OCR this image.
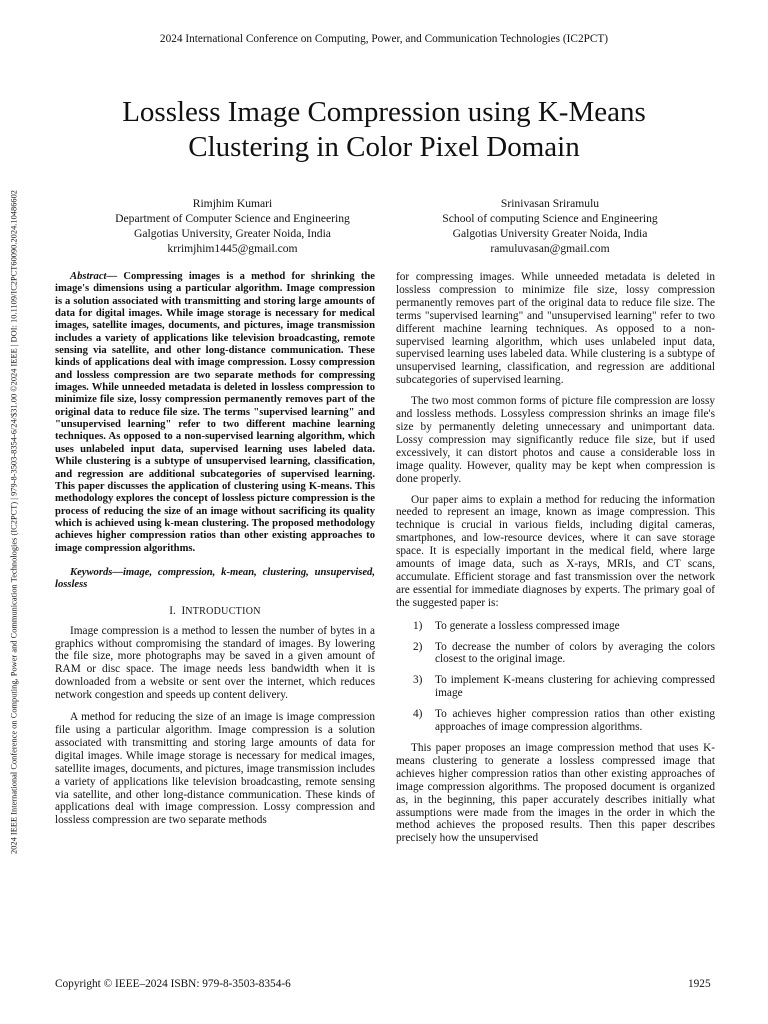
2024 International Conference on Computing, Power, and Communication Technologies (IC2PCT)
2024 IEEE International Conference on Computing, Power and Communication Technologies (IC2PCT) | 979-8-3503-8354-6/24/$31.00 ©2024 IEEE | DOI: 10.1109/IC2PCT60090.2024.10486602
Lossless Image Compression using K-Means
Clustering in Color Pixel Domain
Rimjhim Kumari
Department of Computer Science and Engineering
Galgotias University, Greater Noida, India
krrimjhim1445@gmail.com
Srinivasan Sriramulu
School of computing Science and Engineering
Galgotias University Greater Noida, India
ramuluvasan@gmail.com

Abstract— Compressing images is a method for shrinking the image's dimensions using a particular algorithm. Image compression is a solution associated with transmitting and storing large amounts of data for digital images. While image storage is necessary for medical images, satellite images, documents, and pictures, image transmission includes a variety of applications like television broadcasting, remote sensing via satellite, and other long-distance communication. These kinds of applications deal with image compression. Lossy compression and lossless compression are two separate methods for compressing images. While unneeded metadata is deleted in lossless compression to minimize file size, lossy compression permanently removes part of the original data to reduce file size. The terms "supervised learning" and "unsupervised learning" refer to two different machine learning techniques. As opposed to a non-supervised learning algorithm, which uses unlabeled input data, supervised learning uses labeled data. While clustering is a subtype of unsupervised learning, classification, and regression are additional subcategories of supervised learning. This paper discusses the application of clustering using K-means. This methodology explores the concept of lossless picture compression is the process of reducing the size of an image without sacrificing its quality which is achieved using k-mean clustering. The proposed methodology achieves higher compression ratios than other existing approaches to image compression algorithms.

Keywords—image, compression, k-mean, clustering, unsupervised, lossless

I. INTRODUCTION

Image compression is a method to lessen the number of bytes in a graphics without compromising the standard of images. By lowering the file size, more photographs may be saved in a given amount of RAM or disc space. The image needs less bandwidth when it is downloaded from a website or sent over the internet, which reduces network congestion and speeds up content delivery.

A method for reducing the size of an image is image compression file using a particular algorithm. Image compression is a solution associated with transmitting and storing large amounts of data for digital images. While image storage is necessary for medical images, satellite images, documents, and pictures, image transmission includes a variety of applications like television broadcasting, remote sensing via satellite, and other long-distance communication. These kinds of applications deal with image compression. Lossy compression and lossless compression are two separate methods

for compressing images. While unneeded metadata is deleted in lossless compression to minimize file size, lossy compression permanently removes part of the original data to reduce file size. The terms "supervised learning" and "unsupervised learning" refer to two different machine learning techniques. As opposed to a non-supervised learning algorithm, which uses unlabeled input data, supervised learning uses labeled data. While clustering is a subtype of unsupervised learning, classification, and regression are additional subcategories of supervised learning.

The two most common forms of picture file compression are lossy and lossless methods. Lossyless compression shrinks an image file's size by permanently deleting unnecessary and unimportant data. Lossy compression may significantly reduce file size, but if used excessively, it can distort photos and cause a considerable loss in image quality. However, quality may be kept when compression is done properly.

Our paper aims to explain a method for reducing the information needed to represent an image, known as image compression. This technique is crucial in various fields, including digital cameras, smartphones, and low-resource devices, where it can save storage space. It is especially important in the medical field, where large amounts of image data, such as X-rays, MRIs, and CT scans, accumulate. Efficient storage and fast transmission over the network are essential for immediate diagnoses by experts. The primary goal of the suggested paper is:

1) To generate a lossless compressed image
2) To decrease the number of colors by averaging the colors closest to the original image.
3) To implement K-means clustering for achieving compressed image
4) To achieves higher compression ratios than other existing approaches of image compression algorithms.

This paper proposes an image compression method that uses K-means clustering to generate a lossless compressed image that achieves higher compression ratios than other existing approaches of image compression algorithms. The proposed document is organized as, in the beginning, this paper accurately describes initially what assumptions were made from the images in the order in which the method achieves the proposed results. Then this paper describes precisely how the unsupervised

Copyright © IEEE–2024 ISBN: 979-8-3503-8354-6	1925
